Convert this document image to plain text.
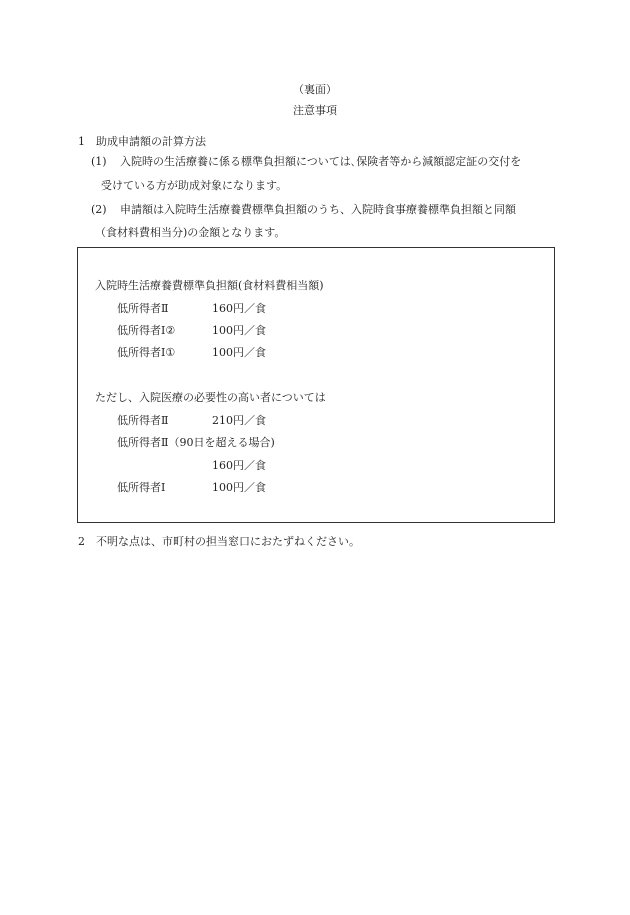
（裏面）
注意事項
1　助成申請額の計算方法
(1) 入院時の生活療養に係る標準負担額については､保険者等から減額認定証の交付を
受けている方が助成対象になります。
(2) 申請額は入院時生活療養費標準負担額のうち、入院時食事療養標準負担額と同額
（食材料費相当分)の金額となります。
入院時生活療養費標準負担額(食材料費相当額)
低所得者Ⅱ	160円／食
低所得者Ⅰ②	100円／食
低所得者Ⅰ①	100円／食
ただし、入院医療の必要性の高い者については
低所得者Ⅱ	210円／食
低所得者Ⅱ（90日を超える場合)
160円／食
低所得者Ⅰ	100円／食
2　不明な点は、市町村の担当窓口におたずねください。
